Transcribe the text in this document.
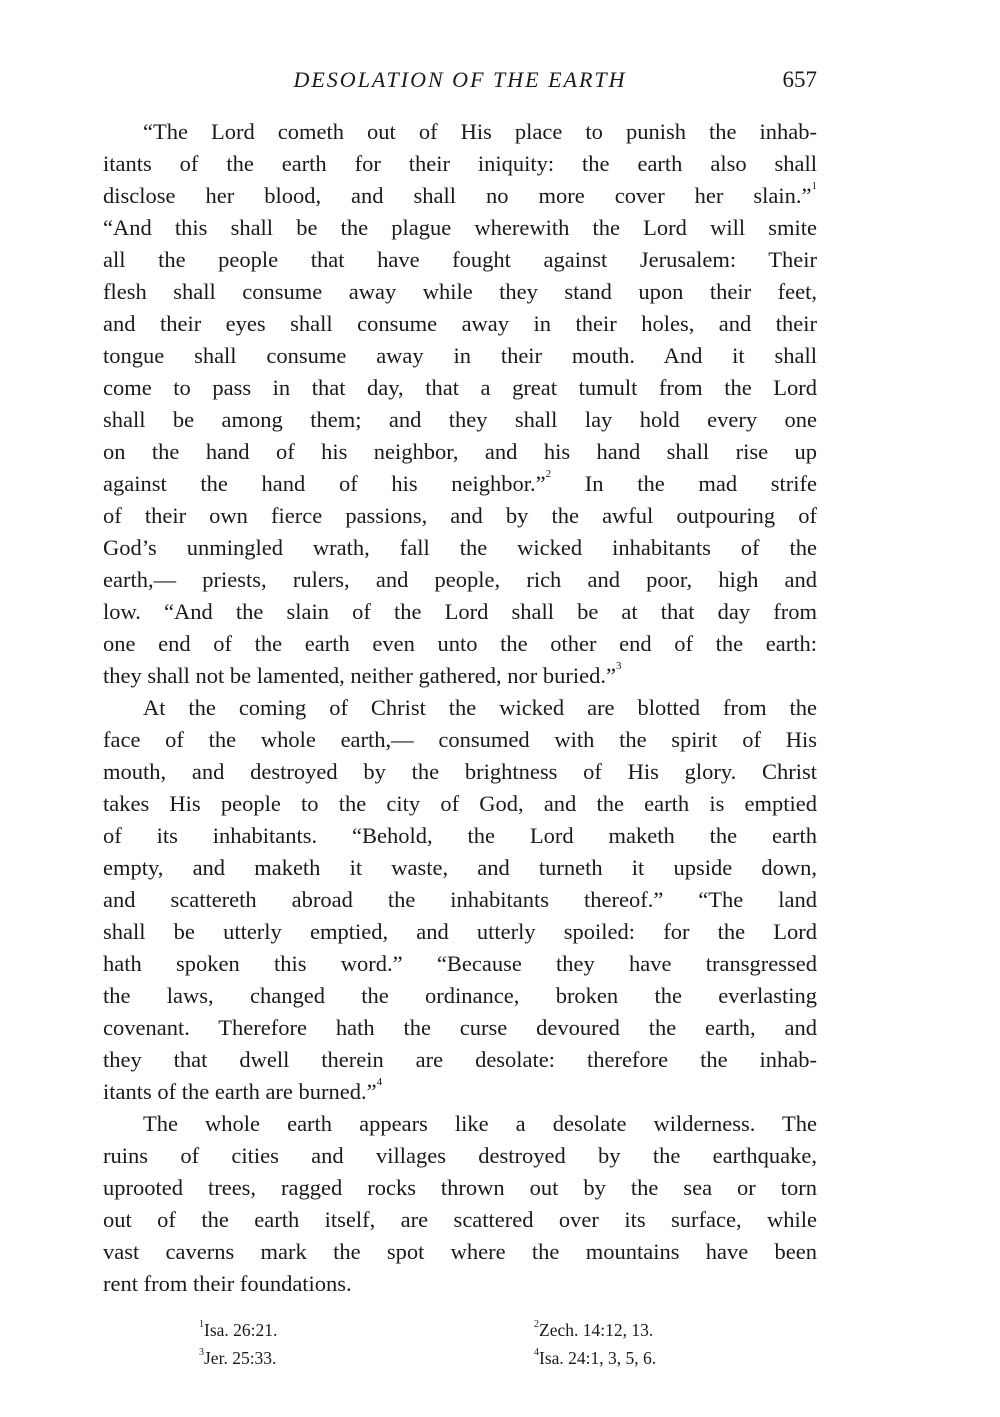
DESOLATION OF THE EARTH	657
“The Lord cometh out of His place to punish the inhab-
itants of the earth for their iniquity: the earth also shall
disclose her blood, and shall no more cover her slain.”$^1$
“And this shall be the plague wherewith the Lord will smite
all the people that have fought against Jerusalem: Their
flesh shall consume away while they stand upon their feet,
and their eyes shall consume away in their holes, and their
tongue shall consume away in their mouth. And it shall
come to pass in that day, that a great tumult from the Lord
shall be among them; and they shall lay hold every one
on the hand of his neighbor, and his hand shall rise up
against the hand of his neighbor.”$^2$ In the mad strife
of their own fierce passions, and by the awful outpouring of
God’s unmingled wrath, fall the wicked inhabitants of the
earth,— priests, rulers, and people, rich and poor, high and
low. “And the slain of the Lord shall be at that day from
one end of the earth even unto the other end of the earth:
they shall not be lamented, neither gathered, nor buried.”$^3$
At the coming of Christ the wicked are blotted from the
face of the whole earth,— consumed with the spirit of His
mouth, and destroyed by the brightness of His glory. Christ
takes His people to the city of God, and the earth is emptied
of its inhabitants. “Behold, the Lord maketh the earth
empty, and maketh it waste, and turneth it upside down,
and scattereth abroad the inhabitants thereof.” “The land
shall be utterly emptied, and utterly spoiled: for the Lord
hath spoken this word.” “Because they have transgressed
the laws, changed the ordinance, broken the everlasting
covenant. Therefore hath the curse devoured the earth, and
they that dwell therein are desolate: therefore the inhab-
itants of the earth are burned.”$^4$
The whole earth appears like a desolate wilderness. The
ruins of cities and villages destroyed by the earthquake,
uprooted trees, ragged rocks thrown out by the sea or torn
out of the earth itself, are scattered over its surface, while
vast caverns mark the spot where the mountains have been
rent from their foundations.
$^1$Isa. 26:21.	$^2$Zech. 14:12, 13.
$^3$Jer. 25:33.	$^4$Isa. 24:1, 3, 5, 6.
